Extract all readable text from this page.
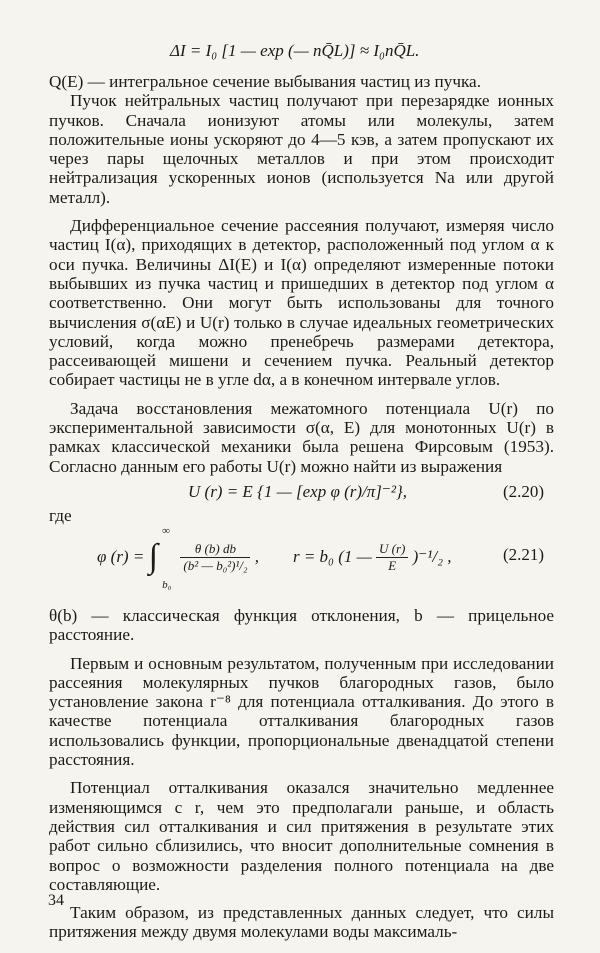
ΔI = I₀ [1 — exp (— nQ̄L)] ≈ I₀nQ̄L.

Q(E) — интегральное сечение выбывания частиц из пучка.

Пучок нейтральных частиц получают при перезарядке ионных пучков. Сначала ионизуют атомы или молекулы, затем положительные ионы ускоряют до 4—5 кэв, а затем пропускают их через пары щелочных металлов и при этом происходит нейтрализация ускоренных ионов (используется Na или другой металл).

Дифференциальное сечение рассеяния получают, измеряя число частиц I(α), приходящих в детектор, расположенный под углом α к оси пучка. Величины ΔI(E) и I(α) определяют измеренные потоки выбывших из пучка частиц и пришедших в детектор под углом α соответственно. Они могут быть использованы для точного вычисления σ(αE) и U(r) только в случае идеальных геометрических условий, когда можно пренебречь размерами детектора, рассеивающей мишени и сечением пучка. Реальный детектор собирает частицы не в угле dα, а в конечном интервале углов.

Задача восстановления межатомного потенциала U(r) по экспериментальной зависимости σ(α, E) для монотонных U(r) в рамках классической механики была решена Фирсовым (1953). Согласно данным его работы U(r) можно найти из выражения

U (r) = E {1 — [exp φ (r)/π]⁻²},	(2.20)

где

φ (r) = ∫
∞
b₀

$\frac{\theta (b) db}{\text{(b² — b₀²)¹/₂}}$ ,        r = b₀ (1 — $\frac{U (r)}{E} )^{-1}/_2$ ,	(2.21)

θ(b) — классическая функция отклонения, b — прицельное расстояние.

Первым и основным результатом, полученным при исследовании рассеяния молекулярных пучков благородных газов, было установление закона r⁻⁸ для потенциала отталкивания. До этого в качестве потенциала отталкивания благородных газов использовались функции, пропорциональные двенадцатой степени расстояния.

Потенциал отталкивания оказался значительно медленнее изменяющимся с r, чем это предполагали раньше, и область действия сил отталкивания и сил притяжения в результате этих работ сильно сблизились, что вносит дополнительные сомнения в вопрос о возможности разделения полного потенциала на две составляющие.

Таким образом, из представленных данных следует, что силы притяжения между двумя молекулами воды максималь-

34
